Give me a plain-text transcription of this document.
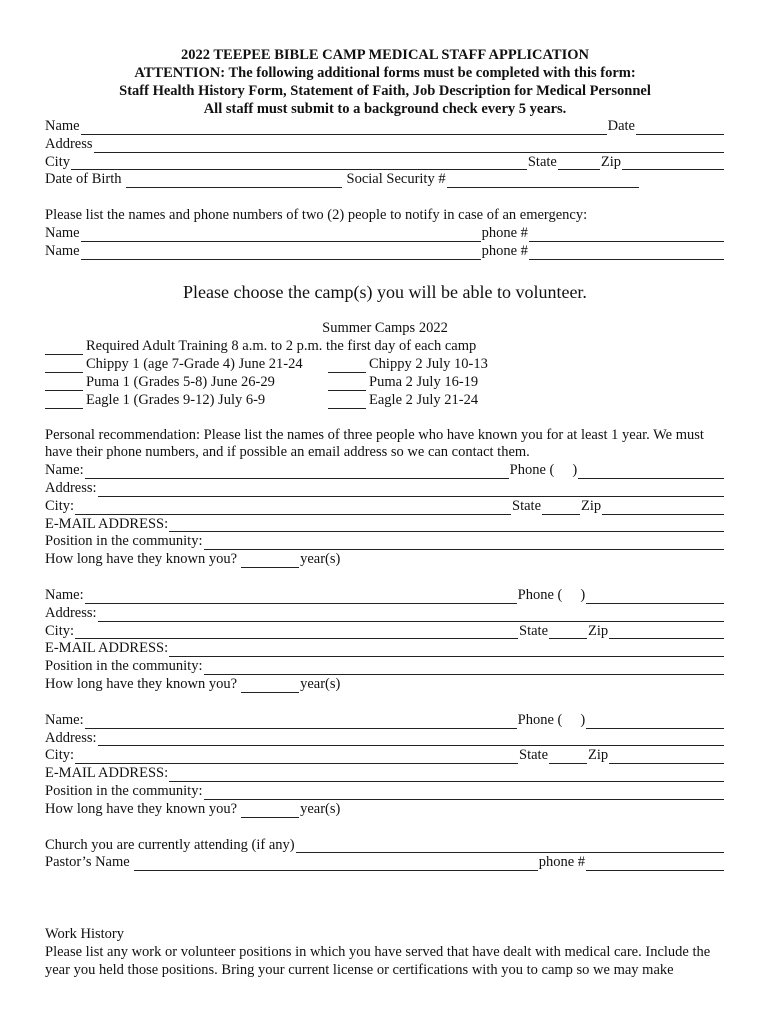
2022 TEEPEE BIBLE CAMP MEDICAL STAFF APPLICATION
ATTENTION: The following additional forms must be completed with this form:
Staff Health History Form, Statement of Faith, Job Description for Medical Personnel
All staff must submit to a background check every 5 years.
Name	Date
Address
City	State	Zip
Date of Birth	Social Security #
Please list the names and phone numbers of two (2) people to notify in case of an emergency:
Name	phone #
Name	phone #
Please choose the camp(s) you will be able to volunteer.
Summer Camps 2022
Required Adult Training 8 a.m. to 2 p.m. the first day of each camp
Chippy 1 (age 7-Grade 4) June 21-24	Chippy 2 July 10-13
Puma 1 (Grades 5-8) June 26-29	Puma 2 July 16-19
Eagle 1 (Grades 9-12) July 6-9	Eagle 2 July 21-24
Personal recommendation: Please list the names of three people who have known you for at least 1 year. We must have their phone numbers, and if possible an email address so we can contact them.
Name:	Phone ( )
Address:
City:	State	Zip
E-MAIL ADDRESS:
Position in the community:
How long have they known you?	year(s)
Name:	Phone ( )
Address:
City:	State	Zip
E-MAIL ADDRESS:
Position in the community:
How long have they known you?	year(s)
Name:	Phone ( )
Address:
City:	State	Zip
E-MAIL ADDRESS:
Position in the community:
How long have they known you?	year(s)
Church you are currently attending (if any)
Pastor’s Name	phone #
Work History
Please list any work or volunteer positions in which you have served that have dealt with medical care. Include the year you held those positions. Bring your current license or certifications with you to camp so we may make
